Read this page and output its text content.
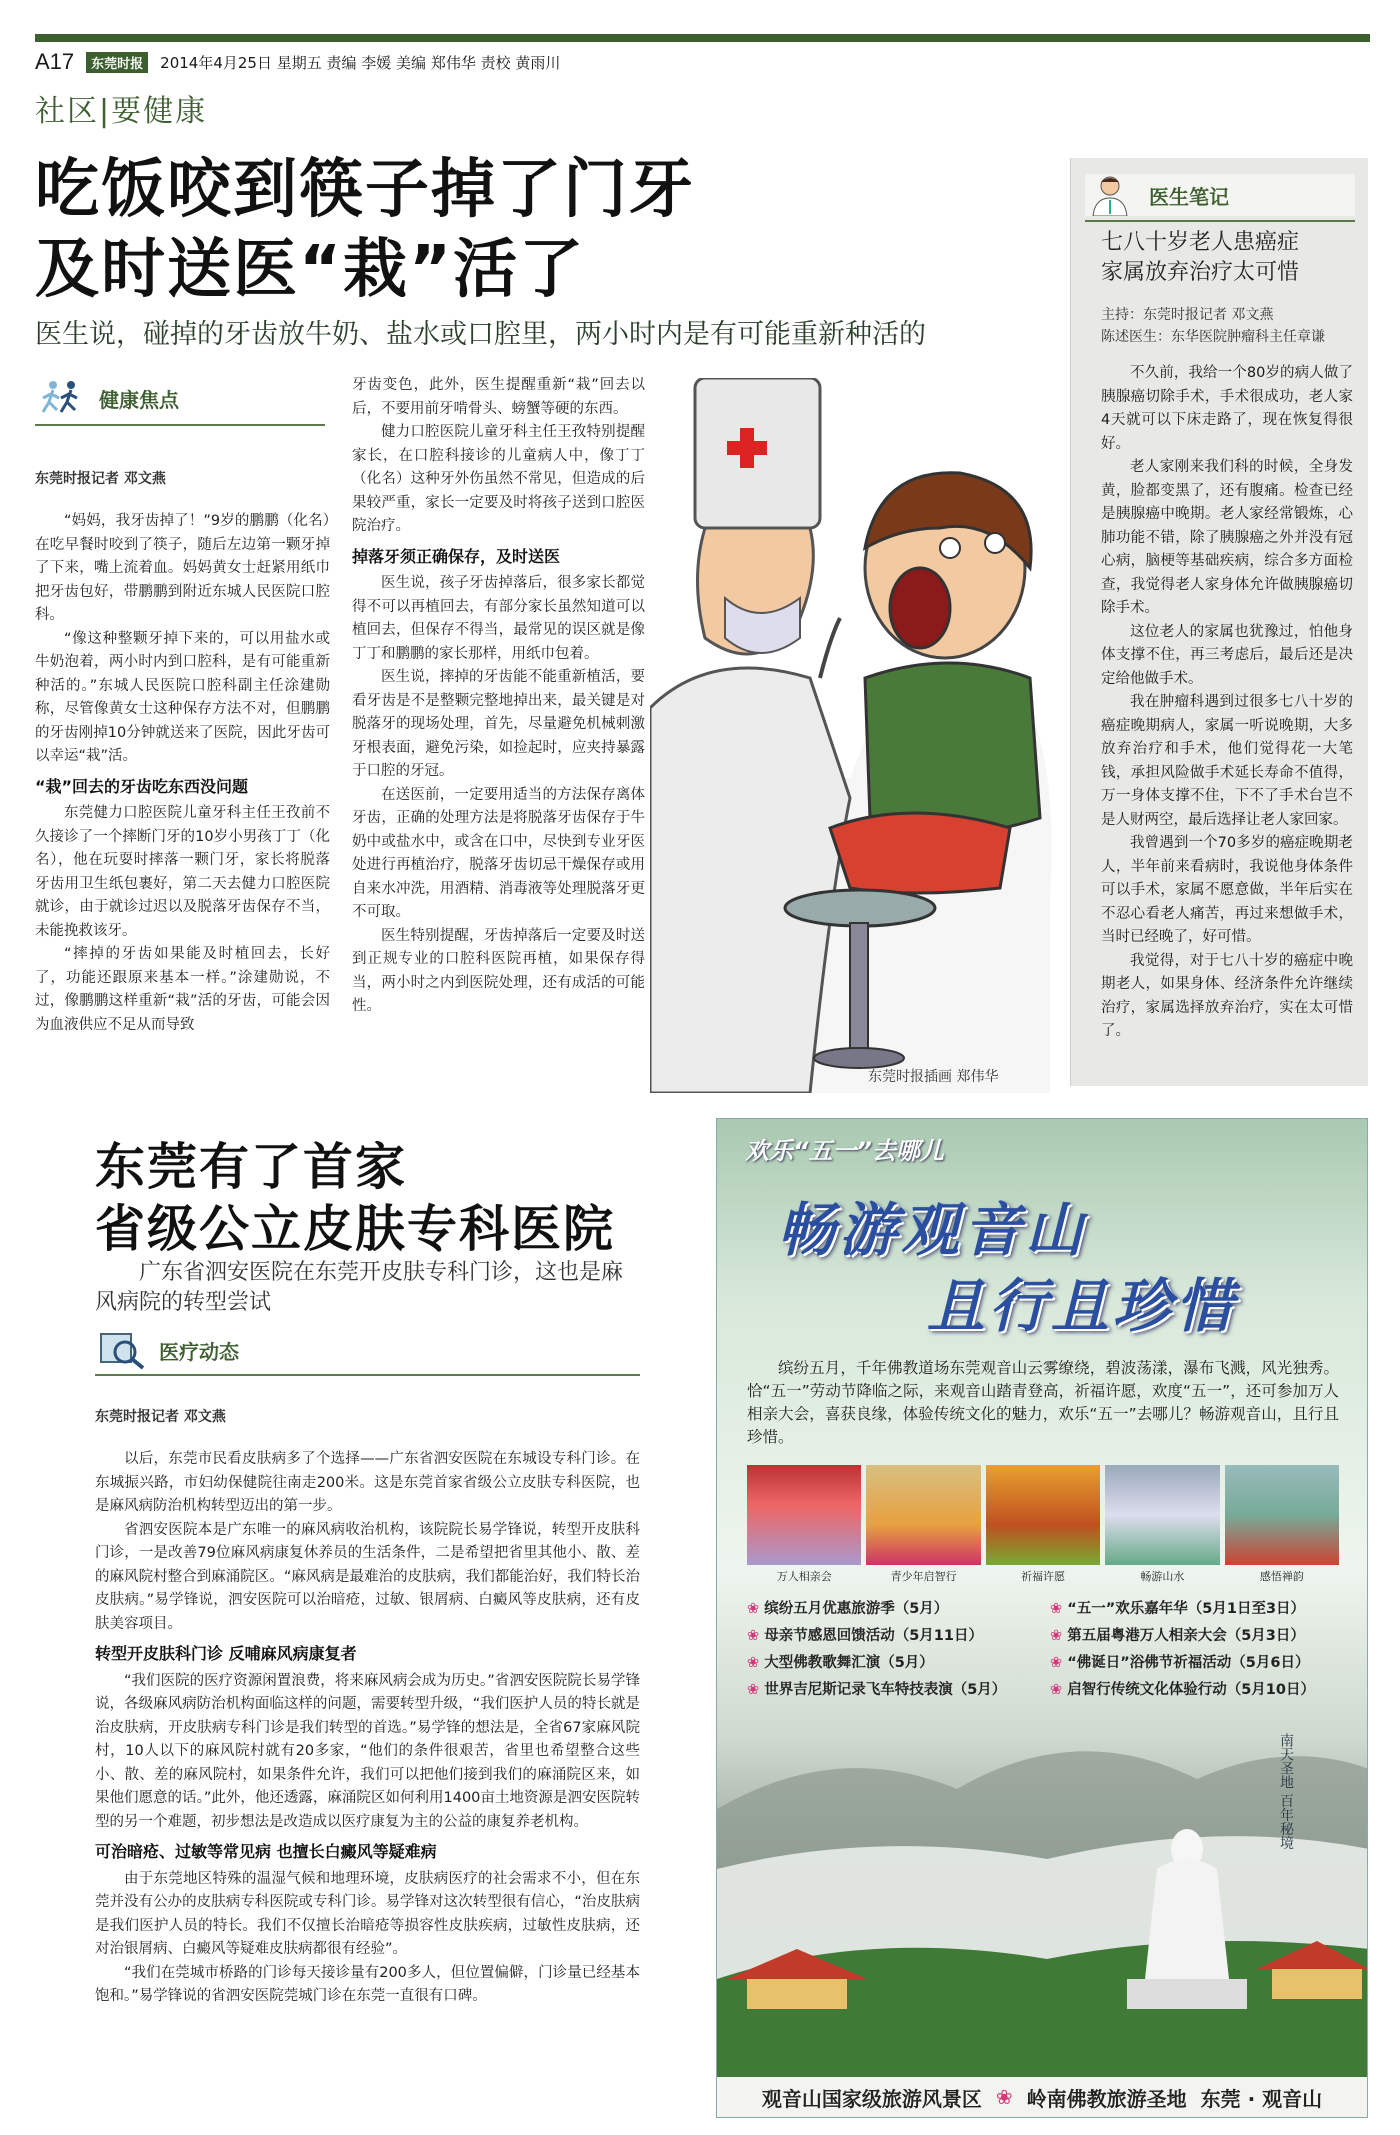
A17	东莞时报	2014年4月25日 星期五 责编 李媛 美编 郑伟华 责校 黄雨川
社区|要健康
吃饭咬到筷子掉了门牙
及时送医“栽”活了
医生说，碰掉的牙齿放牛奶、盐水或口腔里，两小时内是有可能重新种活的
健康焦点
东莞时报记者 邓文燕

“妈妈，我牙齿掉了！”9岁的鹏鹏（化名）在吃早餐时咬到了筷子，随后左边第一颗牙掉了下来，嘴上流着血。妈妈黄女士赶紧用纸巾把牙齿包好，带鹏鹏到附近东城人民医院口腔科。

“像这种整颗牙掉下来的，可以用盐水或牛奶泡着，两小时内到口腔科，是有可能重新种活的。”东城人民医院口腔科副主任涂建勋称，尽管像黄女士这种保存方法不对，但鹏鹏的牙齿刚掉10分钟就送来了医院，因此牙齿可以幸运“栽”活。

“栽”回去的牙齿吃东西没问题

东莞健力口腔医院儿童牙科主任王孜前不久接诊了一个摔断门牙的10岁小男孩丁丁（化名），他在玩耍时摔落一颗门牙，家长将脱落牙齿用卫生纸包裹好，第二天去健力口腔医院就诊，由于就诊过迟以及脱落牙齿保存不当，未能挽救该牙。

“摔掉的牙齿如果能及时植回去，长好了，功能还跟原来基本一样。”涂建勋说，不过，像鹏鹏这样重新“栽”活的牙齿，可能会因为血液供应不足从而导致

牙齿变色，此外，医生提醒重新“栽”回去以后，不要用前牙啃骨头、螃蟹等硬的东西。

健力口腔医院儿童牙科主任王孜特别提醒家长，在口腔科接诊的儿童病人中，像丁丁（化名）这种牙外伤虽然不常见，但造成的后果较严重，家长一定要及时将孩子送到口腔医院治疗。

掉落牙须正确保存，及时送医

医生说，孩子牙齿掉落后，很多家长都觉得不可以再植回去，有部分家长虽然知道可以植回去，但保存不得当，最常见的误区就是像丁丁和鹏鹏的家长那样，用纸巾包着。

医生说，摔掉的牙齿能不能重新植活，要看牙齿是不是整颗完整地掉出来，最关键是对脱落牙的现场处理，首先，尽量避免机械刺激牙根表面，避免污染，如捡起时，应夹持暴露于口腔的牙冠。

在送医前，一定要用适当的方法保存离体牙齿，正确的处理方法是将脱落牙齿保存于牛奶中或盐水中，或含在口中，尽快到专业牙医处进行再植治疗，脱落牙齿切忌干燥保存或用自来水冲洗，用酒精、消毒液等处理脱落牙更不可取。

医生特别提醒，牙齿掉落后一定要及时送到正规专业的口腔科医院再植，如果保存得当，两小时之内到医院处理，还有成活的可能性。

东莞时报插画 郑伟华
医生笔记
七八十岁老人患癌症
家属放弃治疗太可惜
主持：东莞时报记者 邓文燕
陈述医生：东华医院肿瘤科主任章谦

不久前，我给一个80岁的病人做了胰腺癌切除手术，手术很成功，老人家4天就可以下床走路了，现在恢复得很好。

老人家刚来我们科的时候，全身发黄，脸都变黑了，还有腹痛。检查已经是胰腺癌中晚期。老人家经常锻炼，心肺功能不错，除了胰腺癌之外并没有冠心病，脑梗等基础疾病，综合多方面检查，我觉得老人家身体允许做胰腺癌切除手术。

这位老人的家属也犹豫过，怕他身体支撑不住，再三考虑后，最后还是决定给他做手术。

我在肿瘤科遇到过很多七八十岁的癌症晚期病人，家属一听说晚期，大多放弃治疗和手术，他们觉得花一大笔钱，承担风险做手术延长寿命不值得，万一身体支撑不住，下不了手术台岂不是人财两空，最后选择让老人家回家。

我曾遇到一个70多岁的癌症晚期老人，半年前来看病时，我说他身体条件可以手术，家属不愿意做，半年后实在不忍心看老人痛苦，再过来想做手术，当时已经晚了，好可惜。

我觉得，对于七八十岁的癌症中晚期老人，如果身体、经济条件允许继续治疗，家属选择放弃治疗，实在太可惜了。

东莞有了首家
省级公立皮肤专科医院
广东省泗安医院在东莞开皮肤专科门诊，这也是麻风病院的转型尝试
医疗动态
东莞时报记者 邓文燕

以后，东莞市民看皮肤病多了个选择——广东省泗安医院在东城设专科门诊。在东城振兴路，市妇幼保健院往南走200米。这是东莞首家省级公立皮肤专科医院，也是麻风病防治机构转型迈出的第一步。

省泗安医院本是广东唯一的麻风病收治机构，该院院长易学锋说，转型开皮肤科门诊，一是改善79位麻风病康复休养员的生活条件，二是希望把省里其他小、散、差的麻风院村整合到麻涌院区。“麻风病是最难治的皮肤病，我们都能治好，我们特长治皮肤病。”易学锋说，泗安医院可以治暗疮，过敏、银屑病、白癜风等皮肤病，还有皮肤美容项目。

转型开皮肤科门诊 反哺麻风病康复者

“我们医院的医疗资源闲置浪费，将来麻风病会成为历史。”省泗安医院院长易学锋说，各级麻风病防治机构面临这样的问题，需要转型升级，“我们医护人员的特长就是治皮肤病，开皮肤病专科门诊是我们转型的首选。”易学锋的想法是，全省67家麻风院村，10人以下的麻风院村就有20多家，“他们的条件很艰苦，省里也希望整合这些小、散、差的麻风院村，如果条件允许，我们可以把他们接到我们的麻涌院区来，如果他们愿意的话。”此外，他还透露，麻涌院区如何利用1400亩土地资源是泗安医院转型的另一个难题，初步想法是改造成以医疗康复为主的公益的康复养老机构。

可治暗疮、过敏等常见病 也擅长白癜风等疑难病

由于东莞地区特殊的温湿气候和地理环境，皮肤病医疗的社会需求不小，但在东莞并没有公办的皮肤病专科医院或专科门诊。易学锋对这次转型很有信心，“治皮肤病是我们医护人员的特长。我们不仅擅长治暗疮等损容性皮肤疾病，过敏性皮肤病，还对治银屑病、白癜风等疑难皮肤病都很有经验”。

“我们在莞城市桥路的门诊每天接诊量有200多人，但位置偏僻，门诊量已经基本饱和。”易学锋说的省泗安医院莞城门诊在东莞一直很有口碑。

欢乐“五一”去哪儿
畅游观音山
且行且珍惜
缤纷五月，千年佛教道场东莞观音山云雾缭绕，碧波荡漾，瀑布飞溅，风光独秀。恰“五一”劳动节降临之际，来观音山踏青登高，祈福许愿，欢度“五一”，还可参加万人相亲大会，喜获良缘，体验传统文化的魅力，欢乐“五一”去哪儿？畅游观音山，且行且珍惜。
万人相亲会	青少年启智行	祈福许愿	畅游山水	感悟禅韵
❀ 缤纷五月优惠旅游季（5月）	❀ “五一”欢乐嘉年华（5月1日至3日）
❀ 母亲节感恩回馈活动（5月11日）	❀ 第五届粤港万人相亲大会（5月3日）
❀ 大型佛教歌舞汇演（5月）	❀ “佛诞日”浴佛节祈福活动（5月6日）
❀ 世界吉尼斯记录飞车特技表演（5月）	❀ 启智行传统文化体验行动（5月10日）
南天圣地 百年秘境
观音山国家级旅游风景区 ❀ 岭南佛教旅游圣地 东莞 · 观音山
